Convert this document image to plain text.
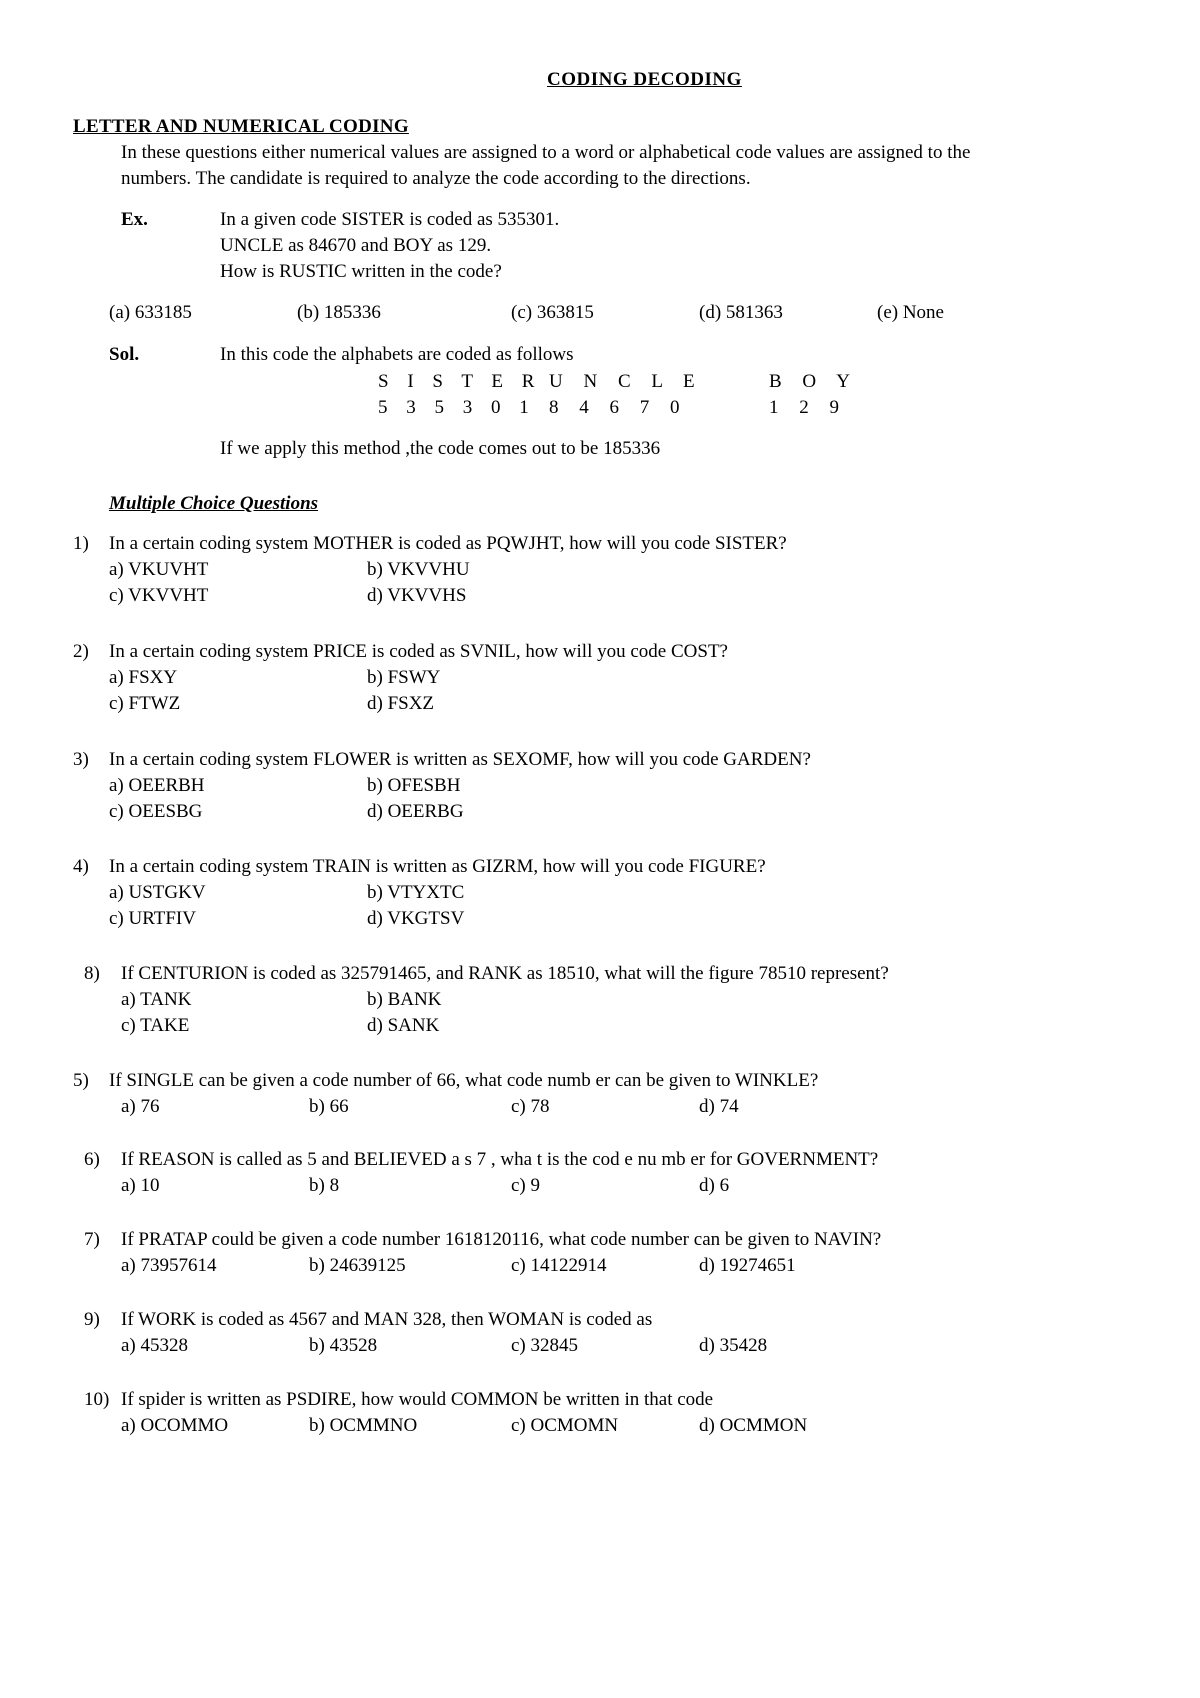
CODING DECODING
LETTER AND NUMERICAL CODING
In these questions either numerical values are assigned to a word or alphabetical code values are assigned to the
numbers. The candidate is required to analyze the code according to the directions.
Ex.	In a given code SISTER is coded as 535301.
UNCLE as 84670 and BOY as 129.
How is RUSTIC written in the code?
(a) 633185	(b) 185336	(c) 363815	(d) 581363	(e) None
Sol.	In this code the alphabets are coded as follows
S I S T E R U N C L E	B O Y
5 3 5 3 0 1 8 4 6 7 0	1 2 9
If we apply this method ,the code comes out to be 185336
Multiple Choice Questions
1) In a certain coding system MOTHER is coded as PQWJHT, how will you code SISTER?
a) VKUVHT	b) VKVVHU
c) VKVVHT	d) VKVVHS
2) In a certain coding system PRICE is coded as SVNIL, how will you code COST?
a) FSXY	b) FSWY
c) FTWZ	d) FSXZ
3) In a certain coding system FLOWER is written as SEXOMF, how will you code GARDEN?
a) OEERBH	b) OFESBH
c) OEESBG	d) OEERBG
4) In a certain coding system TRAIN is written as GIZRM, how will you code FIGURE?
a) USTGKV	b) VTYXTC
c) URTFIV	d) VKGTSV
8) If CENTURION is coded as 325791465, and RANK as 18510, what will the figure 78510 represent?
a) TANK	b) BANK
c) TAKE	d) SANK
5) If SINGLE can be given a code number of 66, what code numb er can be given to WINKLE?
a) 76	b) 66	c) 78	d) 74
6) If REASON is called as 5 and BELIEVED a s 7 , wha t is the cod e nu mb er for GOVERNMENT?
a) 10	b) 8	c) 9	d) 6
7) If PRATAP could be given a code number 1618120116, what code number can be given to NAVIN?
a) 73957614	b) 24639125	c) 14122914	d) 19274651
9) If WORK is coded as 4567 and MAN 328, then WOMAN is coded as
a) 45328	b) 43528	c) 32845	d) 35428
10) If spider is written as PSDIRE, how would COMMON be written in that code
a) OCOMMO	b) OCMMNO	c) OCMOMN	d) OCMMON
